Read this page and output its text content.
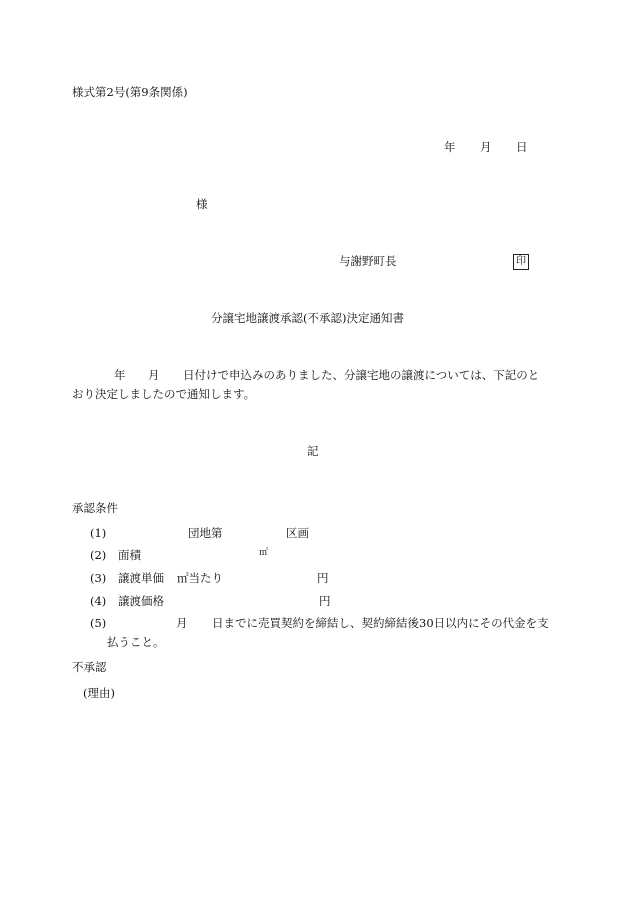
様式第2号(第9条関係)
年 月 日
様
与謝野町長	印
分譲宅地譲渡承認(不承認)決定通知書
年 月 日付けで申込みのありました、分譲宅地の譲渡については、下記のと
おり決定しましたので通知します。
記
承認条件
(1)	団地第	区画
(2) 面積	㎡
(3) 譲渡単価 ㎡当たり	円
(4) 譲渡価格	円
(5)	月 日までに売買契約を締結し、契約締結後30日以内にその代金を支
払うこと。
不承認
(理由)
